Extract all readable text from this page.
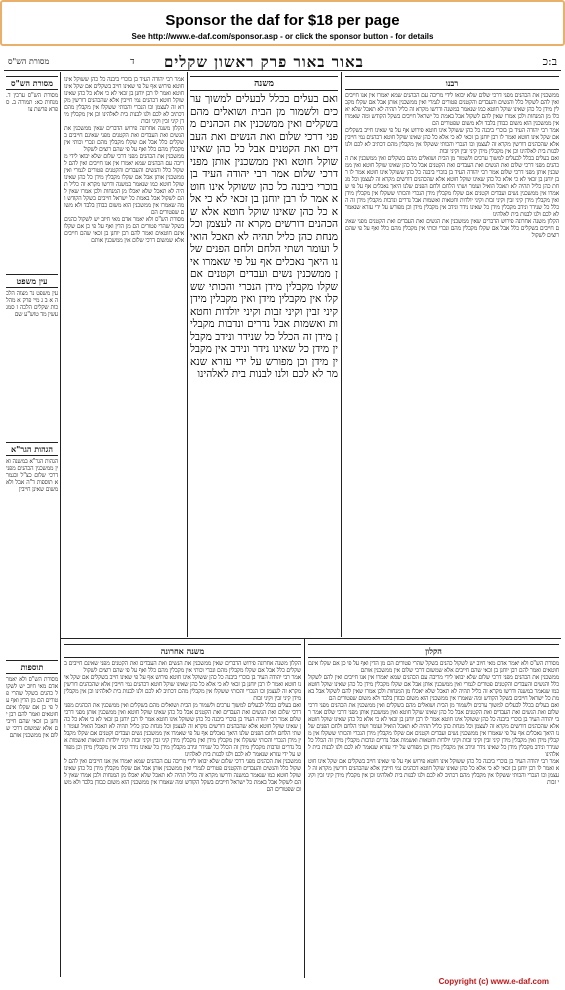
Sponsor the daf for $18 per page
See http://www.e-daf.com/sponsor.asp - or click the sponsor button - for details
מסורת הש"ס	ד באור באור פרק ראשון שקלים	ב:כ
מסורת הש"ס
מסורת הש"ס ערכין ד. מנחות כא: תמורה ב. ספרא פרשת צו
עין משפט
עין משפט נר מצוה הלכה א ב ג מיי פרק א מהלכות שקלים הלכה ז סמג עשין מד טוש"ע שם
הגהות הגר"א
הגהות הגר"א במשנה ואין ממשכנין הכהנים מפני דרכי שלום כצ"ל ובגמרא תוספות ד"ה אבל ולא משום שאינן חייבין
תוספות
מסורת הש"ס ולא יאמר אדם מאי חיוב יש לשקול כהנים בשקל שהרי פטורים הם מן הדין ואף על פי כן אם שקלו אינם חוטאים ואמר להם רבן יוחנן בן זכאי שהם חייבים אלא שמשום דרכי שלום אין ממשכנין אותם
אמר רבי יהודה העיד בן בוכרי ביבנה כל כהן ששוקל אינו חוטא פירוש אף על פי שאינו חייב בשקלים אם שקל אינו חוטא ואמר לו רבן יוחנן בן זכאי לא כי אלא כל כהן שאינו שוקל חוטא דכהנים נמי חייבין אלא שהכהנים דורשין מקרא זה לעצמן וכו הנכרי והכותי ששקלו אין מקבלין מהם דכתיב לא לכם ולנו לבנות בית לאלהינו וכן אין מקבלין מידן קיני זבין וקיני זבות
הקלון משנה אחרונה פירוש הדברים שאין ממשכנין את הנשים ואת העבדים ואת הקטנים מפני שאינם חייבים בשקלים כלל אבל אם שקלו מקבלין מהם ונכרי וכותי אין מקבלין מהם כלל ואף על פי שהם רוצים לשקול
ממשכנין את הכהנים מפני דרכי שלום שלא יבואו לידי מריבה עם הכהנים שמא יאמרו אין אנו חייבים ואין להם לשקול כלל והנשים והעבדים והקטנים פטורים לגמרי ואין ממשכנין אותן אבל אם שקלו מקבלין מידן כל כהן שאינו שוקל חוטא כמו שנאמר במשנה ודרשו מקרא זה כליל תהיה לא תאכל שלא יאכלו מן המנחות ולכן אמרו שאין להם לשקול אבל באמת כל ישראל חייבים בשקל הקודש ומה שאמרו אין ממשכנין הוא משום כבודן בלבד ולא משום שפטורים הם
מסורת הש"ס ולא יאמר אדם מאי חיוב יש לשקול כהנים בשקל שהרי פטורים הם מן הדין ואף על פי כן אם שקלו אינם חוטאים ואמר להם רבן יוחנן בן זכאי שהם חייבים אלא שמשום דרכי שלום אין ממשכנין אותם
משנה
ואם בעלים בכלל לבעלים למשוך ערכים ולשמור מן הבית ושואלים מהם בשקלים ואין ממשכנין את הכהנים מפני דרכי שלום ואת הנשים ואת העבדים ואת הקטנים אבל כל כהן שאינו שוקל חוטא ואין ממשכנין אותן מפני דרכי שלום אמר רבי יהודה העיד בן בוכרי ביבנה כל כהן ששוקל אינו חוטא אמר לו רבן יוחנן בן זכאי לא כי אלא כל כהן שאינו שוקל חוטא אלא שהכהנים דורשים מקרא זה לעצמן וכל מנחת כהן כליל תהיה לא תאכל הואיל ועומר ושתי הלחם ולחם הפנים שלנו היאך נאכלים אף על פי שאמרו אין ממשכנין נשים ועבדים וקטנים אם שקלו מקבלין מידן הנכרי והכותי ששקלו אין מקבלין מידן ואין מקבלין מידן קיני זבין וקיני זבות וקיני יולדות וחטאות ואשמות אבל נדרים ונדבות מקבלין מידן זה הכלל כל שנידר ונידב מקבלין מידן כל שאינו נידר ונידב אין מקבלין מידן וכן מפורש על ידי עזרא שנאמר לא לכם ולנו לבנות בית לאלהינו
רבנו
ממשכנין את הכהנים מפני דרכי שלום שלא יבואו לידי מריבה עם הכהנים שמא יאמרו אין אנו חייבים ואין להם לשקול כלל והנשים והעבדים והקטנים פטורים לגמרי ואין ממשכנין אותן אבל אם שקלו מקבלין מידן כל כהן שאינו שוקל חוטא כמו שנאמר במשנה ודרשו מקרא זה כליל תהיה לא תאכל שלא יאכלו מן המנחות ולכן אמרו שאין להם לשקול אבל באמת כל ישראל חייבים בשקל הקודש ומה שאמרו אין ממשכנין הוא משום כבודן בלבד ולא משום שפטורים הם
אמר רבי יהודה העיד בן בוכרי ביבנה כל כהן ששוקל אינו חוטא פירוש אף על פי שאינו חייב בשקלים אם שקל אינו חוטא ואמר לו רבן יוחנן בן זכאי לא כי אלא כל כהן שאינו שוקל חוטא דכהנים נמי חייבין אלא שהכהנים דורשין מקרא זה לעצמן וכו הנכרי והכותי ששקלו אין מקבלין מהם דכתיב לא לכם ולנו לבנות בית לאלהינו וכן אין מקבלין מידן קיני זבין וקיני זבות
ואם בעלים בכלל לבעלים למשוך ערכים ולשמור מן הבית ושואלים מהם בשקלים ואין ממשכנין את הכהנים מפני דרכי שלום ואת הנשים ואת העבדים ואת הקטנים אבל כל כהן שאינו שוקל חוטא ואין ממשכנין אותן מפני דרכי שלום אמר רבי יהודה העיד בן בוכרי ביבנה כל כהן ששוקל אינו חוטא אמר לו רבן יוחנן בן זכאי לא כי אלא כל כהן שאינו שוקל חוטא אלא שהכהנים דורשים מקרא זה לעצמן וכל מנחת כהן כליל תהיה לא תאכל הואיל ועומר ושתי הלחם ולחם הפנים שלנו היאך נאכלים אף על פי שאמרו אין ממשכנין נשים ועבדים וקטנים אם שקלו מקבלין מידן הנכרי והכותי ששקלו אין מקבלין מידן ואין מקבלין מידן קיני זבין וקיני זבות וקיני יולדות וחטאות ואשמות אבל נדרים ונדבות מקבלין מידן זה הכלל כל שנידר ונידב מקבלין מידן כל שאינו נידר ונידב אין מקבלין מידן וכן מפורש על ידי עזרא שנאמר לא לכם ולנו לבנות בית לאלהינו
הקלון משנה אחרונה פירוש הדברים שאין ממשכנין את הנשים ואת העבדים ואת הקטנים מפני שאינם חייבים בשקלים כלל אבל אם שקלו מקבלין מהם ונכרי וכותי אין מקבלין מהם כלל ואף על פי שהם רוצים לשקול
משנה אחרונה
הקלון משנה אחרונה פירוש הדברים שאין ממשכנין את הנשים ואת העבדים ואת הקטנים מפני שאינם חייבים בשקלים כלל אבל אם שקלו מקבלין מהם ונכרי וכותי אין מקבלין מהם כלל ואף על פי שהם רוצים לשקול
אמר רבי יהודה העיד בן בוכרי ביבנה כל כהן ששוקל אינו חוטא פירוש אף על פי שאינו חייב בשקלים אם שקל אינו חוטא ואמר לו רבן יוחנן בן זכאי לא כי אלא כל כהן שאינו שוקל חוטא דכהנים נמי חייבין אלא שהכהנים דורשין מקרא זה לעצמן וכו הנכרי והכותי ששקלו אין מקבלין מהם דכתיב לא לכם ולנו לבנות בית לאלהינו וכן אין מקבלין מידן קיני זבין וקיני זבות
ואם בעלים בכלל לבעלים למשוך ערכים ולשמור מן הבית ושואלים מהם בשקלים ואין ממשכנין את הכהנים מפני דרכי שלום ואת הנשים ואת העבדים ואת הקטנים אבל כל כהן שאינו שוקל חוטא ואין ממשכנין אותן מפני דרכי שלום אמר רבי יהודה העיד בן בוכרי ביבנה כל כהן ששוקל אינו חוטא אמר לו רבן יוחנן בן זכאי לא כי אלא כל כהן שאינו שוקל חוטא אלא שהכהנים דורשים מקרא זה לעצמן וכל מנחת כהן כליל תהיה לא תאכל הואיל ועומר ושתי הלחם ולחם הפנים שלנו היאך נאכלים אף על פי שאמרו אין ממשכנין נשים ועבדים וקטנים אם שקלו מקבלין מידן הנכרי והכותי ששקלו אין מקבלין מידן ואין מקבלין מידן קיני זבין וקיני זבות וקיני יולדות וחטאות ואשמות אבל נדרים ונדבות מקבלין מידן זה הכלל כל שנידר ונידב מקבלין מידן כל שאינו נידר ונידב אין מקבלין מידן וכן מפורש על ידי עזרא שנאמר לא לכם ולנו לבנות בית לאלהינו
ממשכנין את הכהנים מפני דרכי שלום שלא יבואו לידי מריבה עם הכהנים שמא יאמרו אין אנו חייבים ואין להם לשקול כלל והנשים והעבדים והקטנים פטורים לגמרי ואין ממשכנין אותן אבל אם שקלו מקבלין מידן כל כהן שאינו שוקל חוטא כמו שנאמר במשנה ודרשו מקרא זה כליל תהיה לא תאכל שלא יאכלו מן המנחות ולכן אמרו שאין להם לשקול אבל באמת כל ישראל חייבים בשקל הקודש ומה שאמרו אין ממשכנין הוא משום כבודן בלבד ולא משום שפטורים הם
הקלון
מסורת הש"ס ולא יאמר אדם מאי חיוב יש לשקול כהנים בשקל שהרי פטורים הם מן הדין ואף על פי כן אם שקלו אינם חוטאים ואמר להם רבן יוחנן בן זכאי שהם חייבים אלא שמשום דרכי שלום אין ממשכנין אותם
ממשכנין את הכהנים מפני דרכי שלום שלא יבואו לידי מריבה עם הכהנים שמא יאמרו אין אנו חייבים ואין להם לשקול כלל והנשים והעבדים והקטנים פטורים לגמרי ואין ממשכנין אותן אבל אם שקלו מקבלין מידן כל כהן שאינו שוקל חוטא כמו שנאמר במשנה ודרשו מקרא זה כליל תהיה לא תאכל שלא יאכלו מן המנחות ולכן אמרו שאין להם לשקול אבל באמת כל ישראל חייבים בשקל הקודש ומה שאמרו אין ממשכנין הוא משום כבודן בלבד ולא משום שפטורים הם
ואם בעלים בכלל לבעלים למשוך ערכים ולשמור מן הבית ושואלים מהם בשקלים ואין ממשכנין את הכהנים מפני דרכי שלום ואת הנשים ואת העבדים ואת הקטנים אבל כל כהן שאינו שוקל חוטא ואין ממשכנין אותן מפני דרכי שלום אמר רבי יהודה העיד בן בוכרי ביבנה כל כהן ששוקל אינו חוטא אמר לו רבן יוחנן בן זכאי לא כי אלא כל כהן שאינו שוקל חוטא אלא שהכהנים דורשים מקרא זה לעצמן וכל מנחת כהן כליל תהיה לא תאכל הואיל ועומר ושתי הלחם ולחם הפנים שלנו היאך נאכלים אף על פי שאמרו אין ממשכנין נשים ועבדים וקטנים אם שקלו מקבלין מידן הנכרי והכותי ששקלו אין מקבלין מידן ואין מקבלין מידן קיני זבין וקיני זבות וקיני יולדות וחטאות ואשמות אבל נדרים ונדבות מקבלין מידן זה הכלל כל שנידר ונידב מקבלין מידן כל שאינו נידר ונידב אין מקבלין מידן וכן מפורש על ידי עזרא שנאמר לא לכם ולנו לבנות בית לאלהינו
אמר רבי יהודה העיד בן בוכרי ביבנה כל כהן ששוקל אינו חוטא פירוש אף על פי שאינו חייב בשקלים אם שקל אינו חוטא ואמר לו רבן יוחנן בן זכאי לא כי אלא כל כהן שאינו שוקל חוטא דכהנים נמי חייבין אלא שהכהנים דורשין מקרא זה לעצמן וכו הנכרי והכותי ששקלו אין מקבלין מהם דכתיב לא לכם ולנו לבנות בית לאלהינו וכן אין מקבלין מידן קיני זבין וקיני זבות
Copyright (c) www.e-daf.com
